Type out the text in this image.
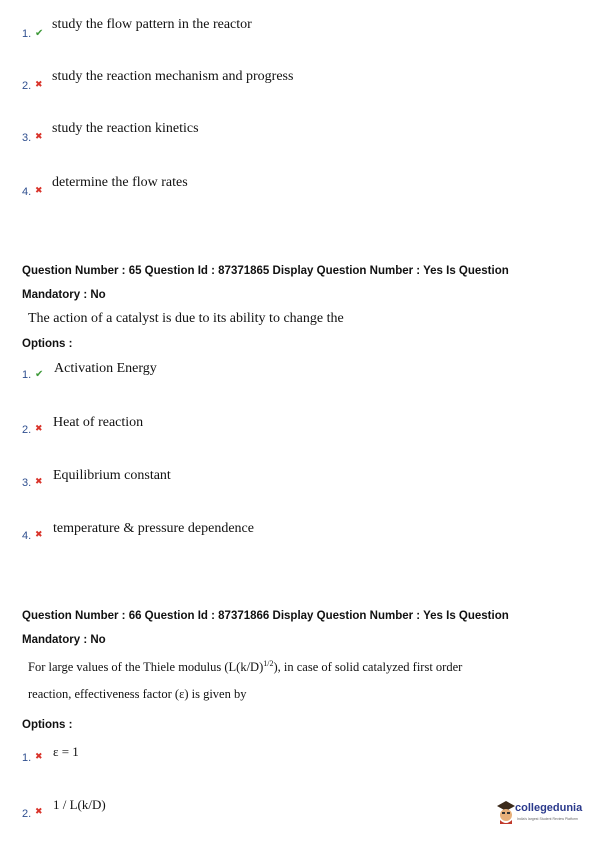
1. ✔
study the flow pattern in the reactor
2. ✖
study the reaction mechanism and progress
3. ✖
study the reaction kinetics
4. ✖
determine the flow rates
Question Number : 65 Question Id : 87371865 Display Question Number : Yes Is Question
Mandatory : No
The action of a catalyst is due to its ability to change the
Options :
1. ✔ Activation Energy
2. ✖ Heat of reaction
3. ✖ Equilibrium constant
4. ✖ temperature & pressure dependence
Question Number : 66 Question Id : 87371866 Display Question Number : Yes Is Question
Mandatory : No
For large values of the Thiele modulus $(L(k/D)^{1/2})$, in case of solid catalyzed first order
reaction, effectiveness factor (ε) is given by
Options :
1. ✖ ε = 1
2. ✖ 1 / L(k/D)	collegedunia
India's largest Student Review Platform
